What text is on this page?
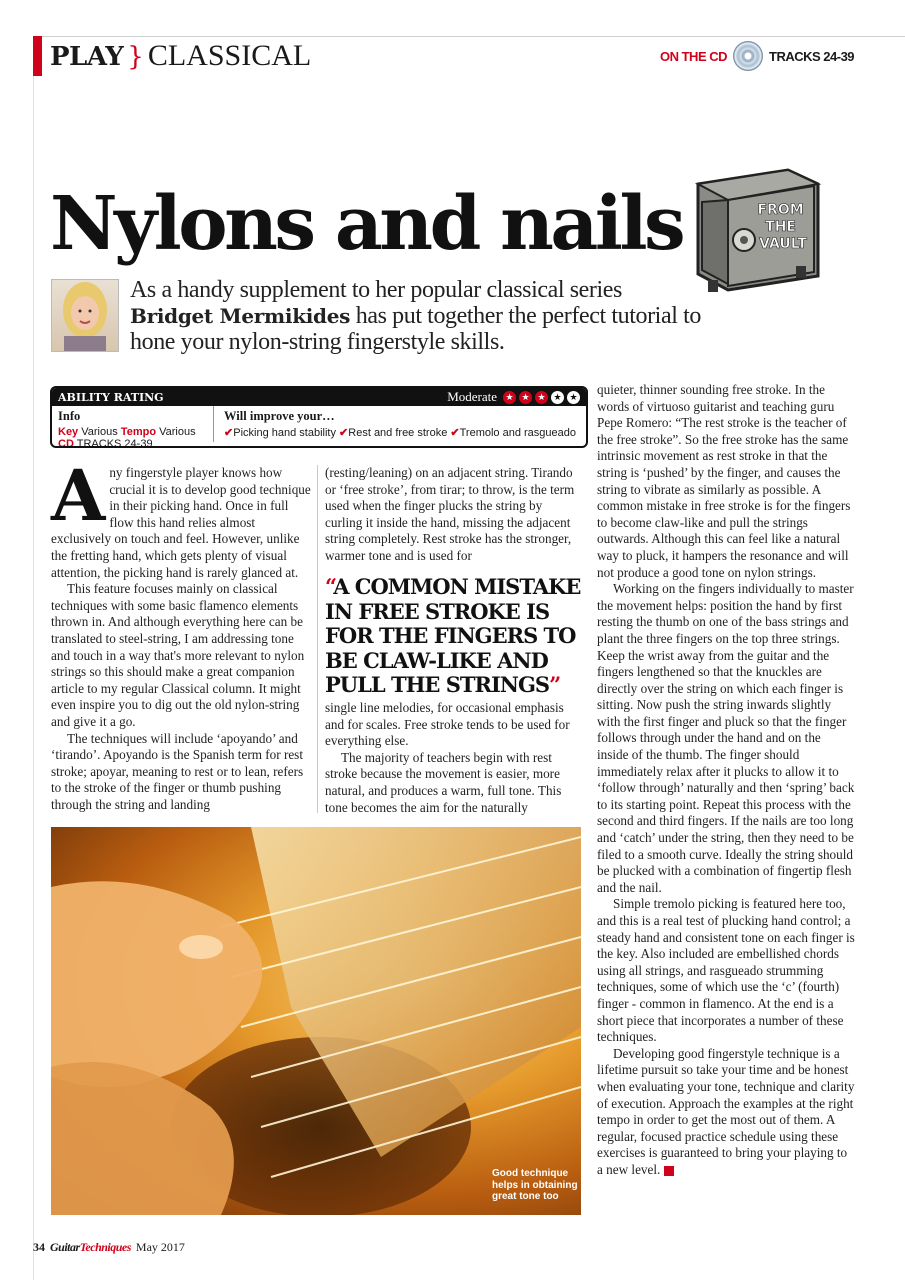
PLAY } CLASSICAL	ON THE CD	TRACKS 24-39
Nylons and nails	FROM THE VAULT
As a handy supplement to her popular classical series Bridget Mermikides has put together the perfect tutorial to hone your nylon-string fingerstyle skills.
ABILITY RATING	Moderate ★ ★ ★ ★ ★
Info
Key Various Tempo Various CD TRACKS 24-39
Will improve your…
✔Picking hand stability ✔Rest and free stroke ✔Tremolo and rasgueado

Any fingerstyle player knows how crucial it is to develop good technique in their picking hand. Once in full flow this hand relies almost exclusively on touch and feel. However, unlike the fretting hand, which gets plenty of visual attention, the picking hand is rarely glanced at.

This feature focuses mainly on classical techniques with some basic flamenco elements thrown in. And although everything here can be translated to steel-string, I am addressing tone and touch in a way that's more relevant to nylon strings so this should make a great companion article to my regular Classical column. It might even inspire you to dig out the old nylon-string and give it a go.

The techniques will include ‘apoyando’ and ‘tirando’. Apoyando is the Spanish term for rest stroke; apoyar, meaning to rest or to lean, refers to the stroke of the finger or thumb pushing through the string and landing

(resting/leaning) on an adjacent string. Tirando or ‘free stroke’, from tirar; to throw, is the term used when the finger plucks the string by curling it inside the hand, missing the adjacent string completely. Rest stroke has the stronger, warmer tone and is used for

“A COMMON MISTAKE IN FREE STROKE IS FOR THE FINGERS TO BE CLAW-LIKE AND PULL THE STRINGS”

single line melodies, for occasional emphasis and for scales. Free stroke tends to be used for everything else.

The majority of teachers begin with rest stroke because the movement is easier, more natural, and produces a warm, full tone. This tone becomes the aim for the naturally

quieter, thinner sounding free stroke. In the words of virtuoso guitarist and teaching guru Pepe Romero: “The rest stroke is the teacher of the free stroke”. So the free stroke has the same intrinsic movement as rest stroke in that the string is ‘pushed’ by the finger, and causes the string to vibrate as similarly as possible. A common mistake in free stroke is for the fingers to become claw-like and pull the strings outwards. Although this can feel like a natural way to pluck, it hampers the resonance and will not produce a good tone on nylon strings.

Working on the fingers individually to master the movement helps: position the hand by first resting the thumb on one of the bass strings and plant the three fingers on the top three strings. Keep the wrist away from the guitar and the fingers lengthened so that the knuckles are directly over the string on which each finger is sitting. Now push the string inwards slightly with the first finger and pluck so that the finger follows through under the hand and on the inside of the thumb. The finger should immediately relax after it plucks to allow it to ‘follow through’ naturally and then ‘spring’ back to its starting point. Repeat this process with the second and third fingers. If the nails are too long and ‘catch’ under the string, then they need to be filed to a smooth curve. Ideally the string should be plucked with a combination of fingertip flesh and the nail.

Simple tremolo picking is featured here too, and this is a real test of plucking hand control; a steady hand and consistent tone on each finger is the key. Also included are embellished chords using all strings, and rasgueado strumming techniques, some of which use the ‘c’ (fourth) finger - common in flamenco. At the end is a short piece that incorporates a number of these techniques.

Developing good fingerstyle technique is a lifetime pursuit so take your time and be honest when evaluating your tone, technique and clarity of execution. Approach the examples at the right tempo in order to get the most out of them. A regular, focused practice schedule using these exercises is guaranteed to bring your playing to a new level.	T

Good technique helps in obtaining great tone too
34 GuitarTechniques May 2017
